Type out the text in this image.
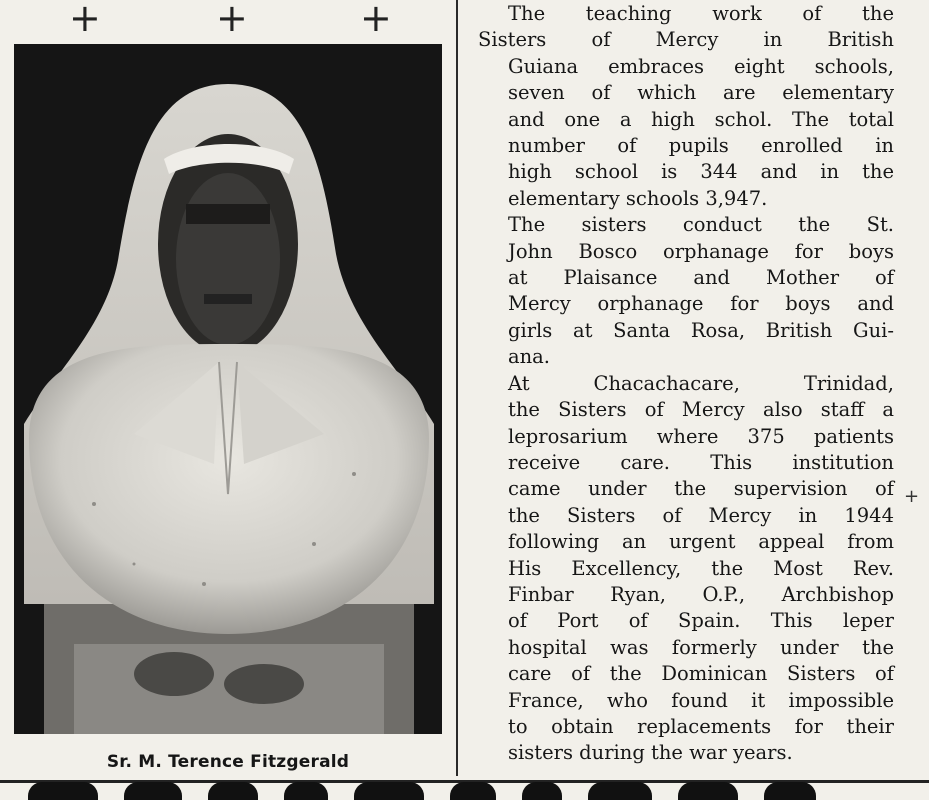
+	+	+
Sr. M. Terence Fitzgerald
+

The teaching work of the
Sisters of Mercy in British
Guiana embraces eight schools,
seven of which are elementary
and one a high schol. The total
number of pupils enrolled in
high school is 344 and in the
elementary schools 3,947.

The sisters conduct the St.
John Bosco orphanage for boys
at Plaisance and Mother of
Mercy orphanage for boys and
girls at Santa Rosa, British Gui-
ana.

At Chacachacare, Trinidad,
the Sisters of Mercy also staff a
leprosarium where 375 patients
receive care. This institution
came under the supervision of
the Sisters of Mercy in 1944
following an urgent appeal from
His Excellency, the Most Rev.
Finbar Ryan, O.P., Archbishop
of Port of Spain. This leper
hospital was formerly under the
care of the Dominican Sisters of
France, who found it impossible
to obtain replacements for their
sisters during the war years.
